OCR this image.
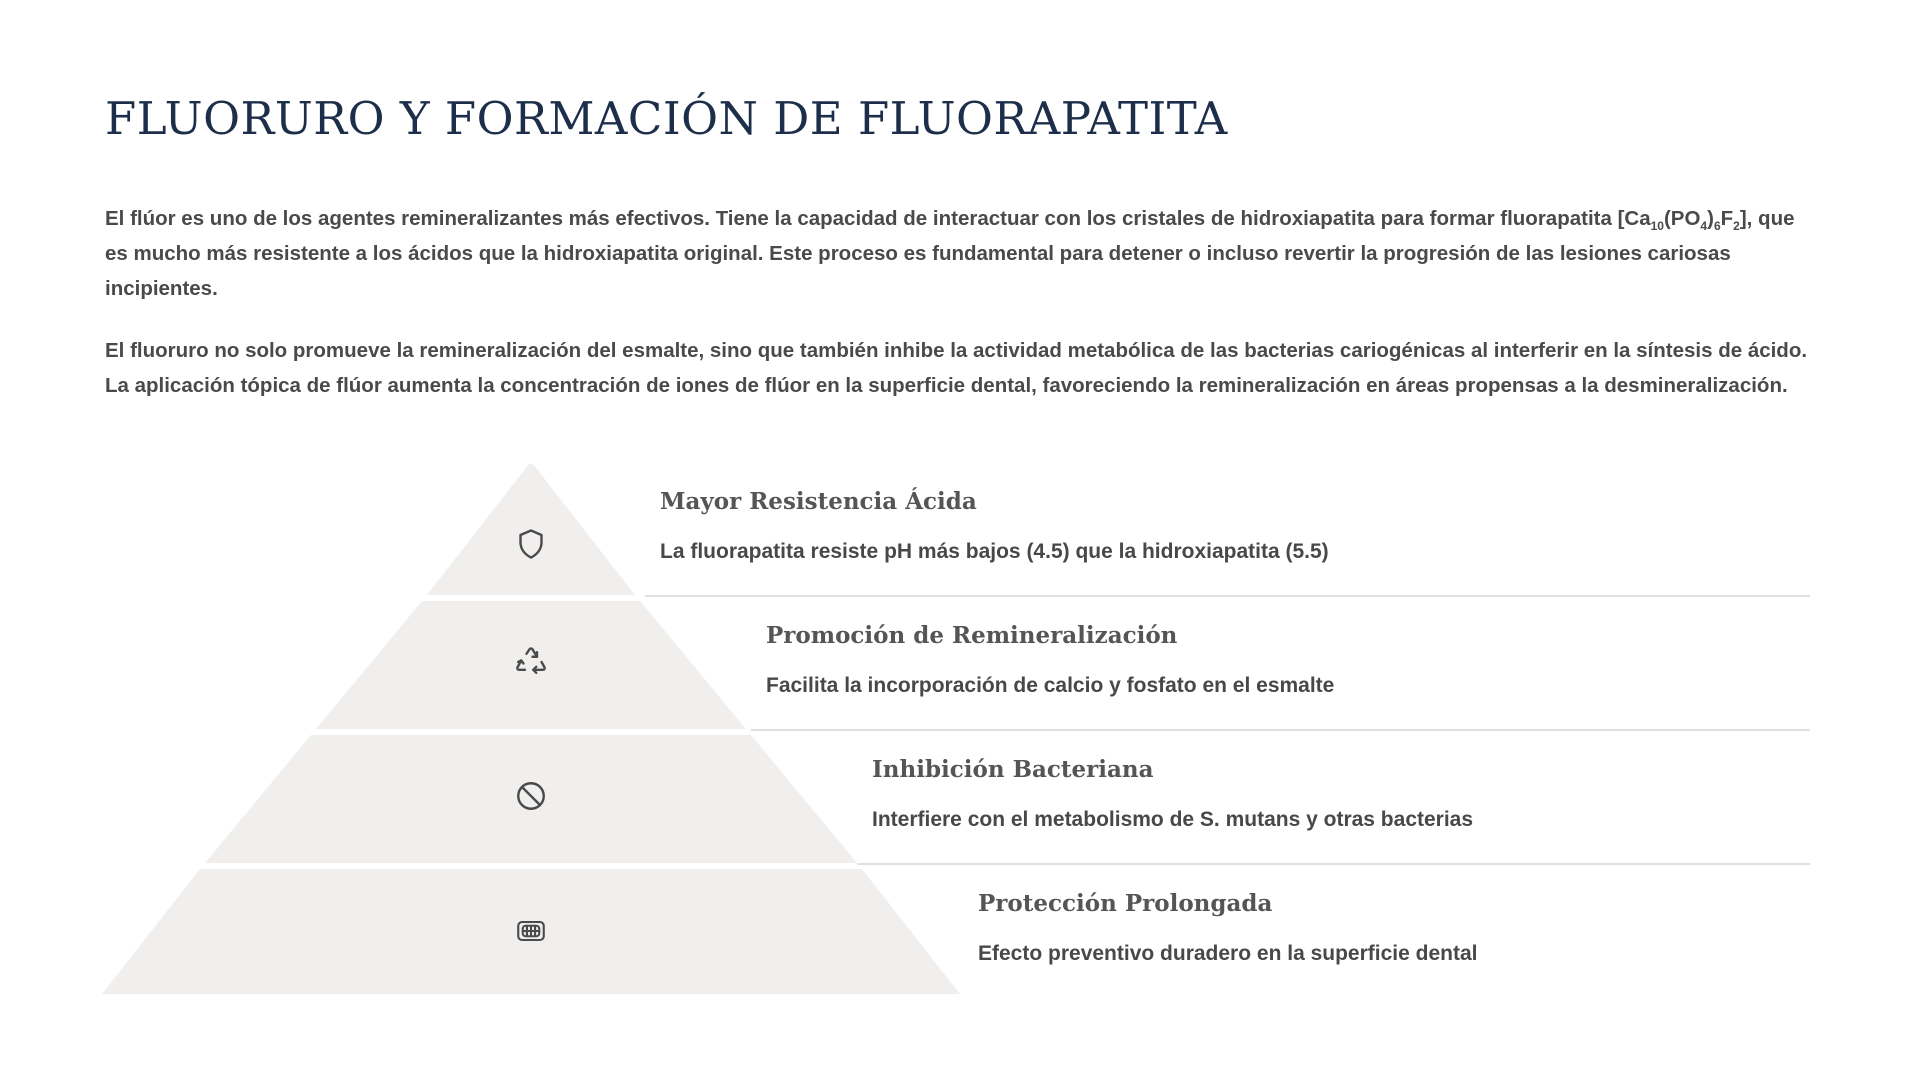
FLUORURO Y FORMACIÓN DE FLUORAPATITA

El flúor es uno de los agentes remineralizantes más efectivos. Tiene la capacidad de interactuar con los cristales de hidroxiapatita para formar fluorapatita $[Ca_{10}(PO_4)_6F_2]$, que es mucho más resistente a los ácidos que la hidroxiapatita original. Este proceso es fundamental para detener o incluso revertir la progresión de las lesiones cariosas incipientes.

El fluoruro no solo promueve la remineralización del esmalte, sino que también inhibe la actividad metabólica de las bacterias cariogénicas al interferir en la síntesis de ácido. La aplicación tópica de flúor aumenta la concentración de iones de flúor en la superficie dental, favoreciendo la remineralización en áreas propensas a la desmineralización.

Mayor Resistencia Ácida

La fluorapatita resiste pH más bajos (4.5) que la hidroxiapatita (5.5)

Promoción de Remineralización

Facilita la incorporación de calcio y fosfato en el esmalte

Inhibición Bacteriana

Interfiere con el metabolismo de S. mutans y otras bacterias

Protección Prolongada

Efecto preventivo duradero en la superficie dental
